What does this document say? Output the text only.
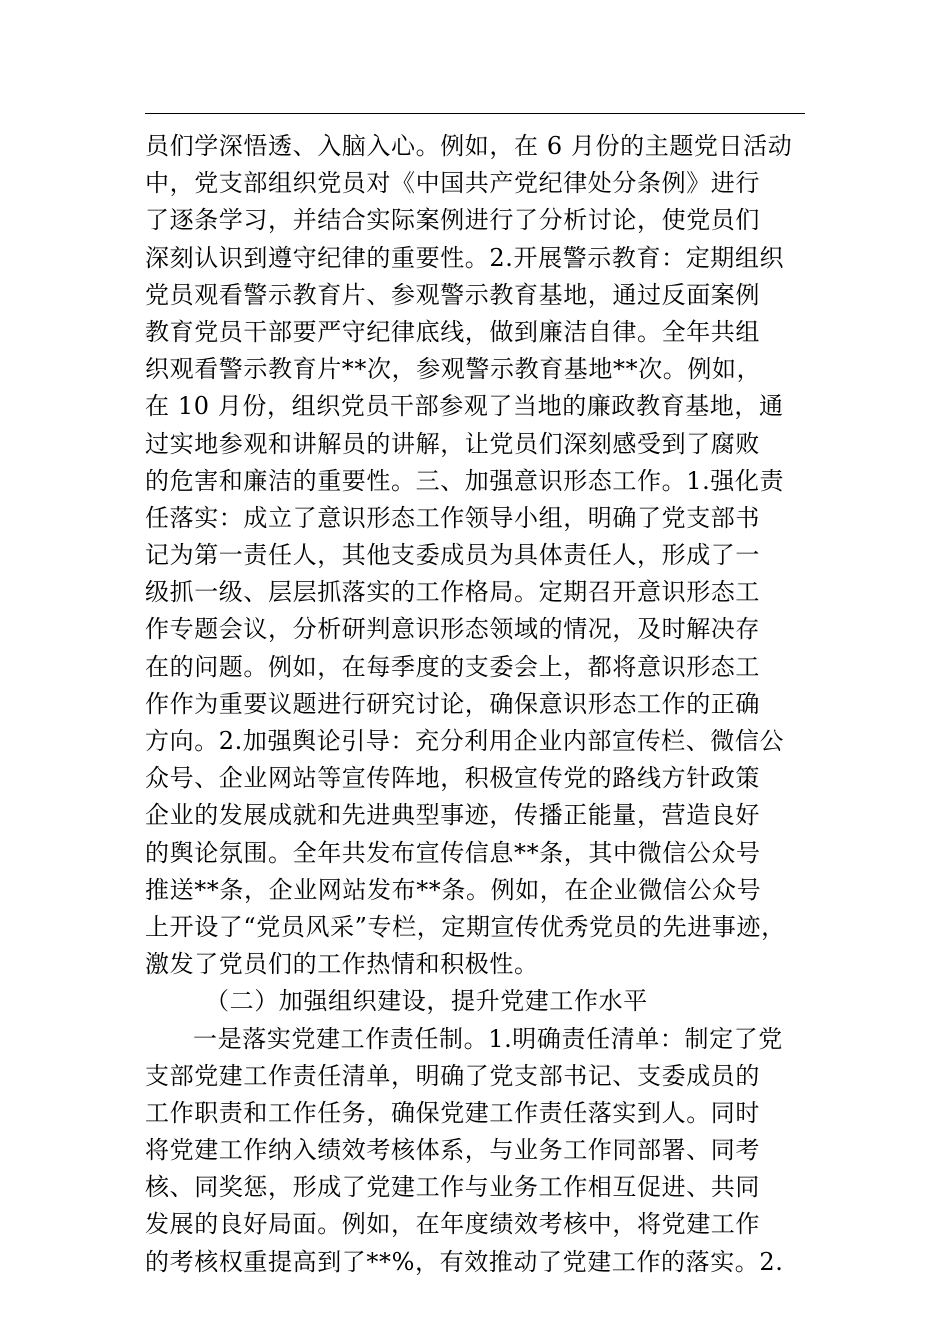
员们学深悟透、入脑入心。例如，在 6 月份的主题党日活动
中，党支部组织党员对《中国共产党纪律处分条例》进行
了逐条学习，并结合实际案例进行了分析讨论，使党员们
深刻认识到遵守纪律的重要性。2.开展警示教育：定期组织
党员观看警示教育片、参观警示教育基地，通过反面案例
教育党员干部要严守纪律底线，做到廉洁自律。全年共组
织观看警示教育片**次，参观警示教育基地**次。例如，
在 10 月份，组织党员干部参观了当地的廉政教育基地，通
过实地参观和讲解员的讲解，让党员们深刻感受到了腐败
的危害和廉洁的重要性。三、加强意识形态工作。1.强化责
任落实：成立了意识形态工作领导小组，明确了党支部书
记为第一责任人，其他支委成员为具体责任人，形成了一
级抓一级、层层抓落实的工作格局。定期召开意识形态工
作专题会议，分析研判意识形态领域的情况，及时解决存
在的问题。例如，在每季度的支委会上，都将意识形态工
作作为重要议题进行研究讨论，确保意识形态工作的正确
方向。2.加强舆论引导：充分利用企业内部宣传栏、微信公
众号、企业网站等宣传阵地，积极宣传党的路线方针政策
企业的发展成就和先进典型事迹，传播正能量，营造良好
的舆论氛围。全年共发布宣传信息**条，其中微信公众号
推送**条，企业网站发布**条。例如，在企业微信公众号
上开设了“党员风采”专栏，定期宣传优秀党员的先进事迹，
激发了党员们的工作热情和积极性。
（二）加强组织建设，提升党建工作水平
一是落实党建工作责任制。1.明确责任清单：制定了党
支部党建工作责任清单，明确了党支部书记、支委成员的
工作职责和工作任务，确保党建工作责任落实到人。同时
将党建工作纳入绩效考核体系，与业务工作同部署、同考
核、同奖惩，形成了党建工作与业务工作相互促进、共同
发展的良好局面。例如，在年度绩效考核中，将党建工作
的考核权重提高到了**%，有效推动了党建工作的落实。2.
